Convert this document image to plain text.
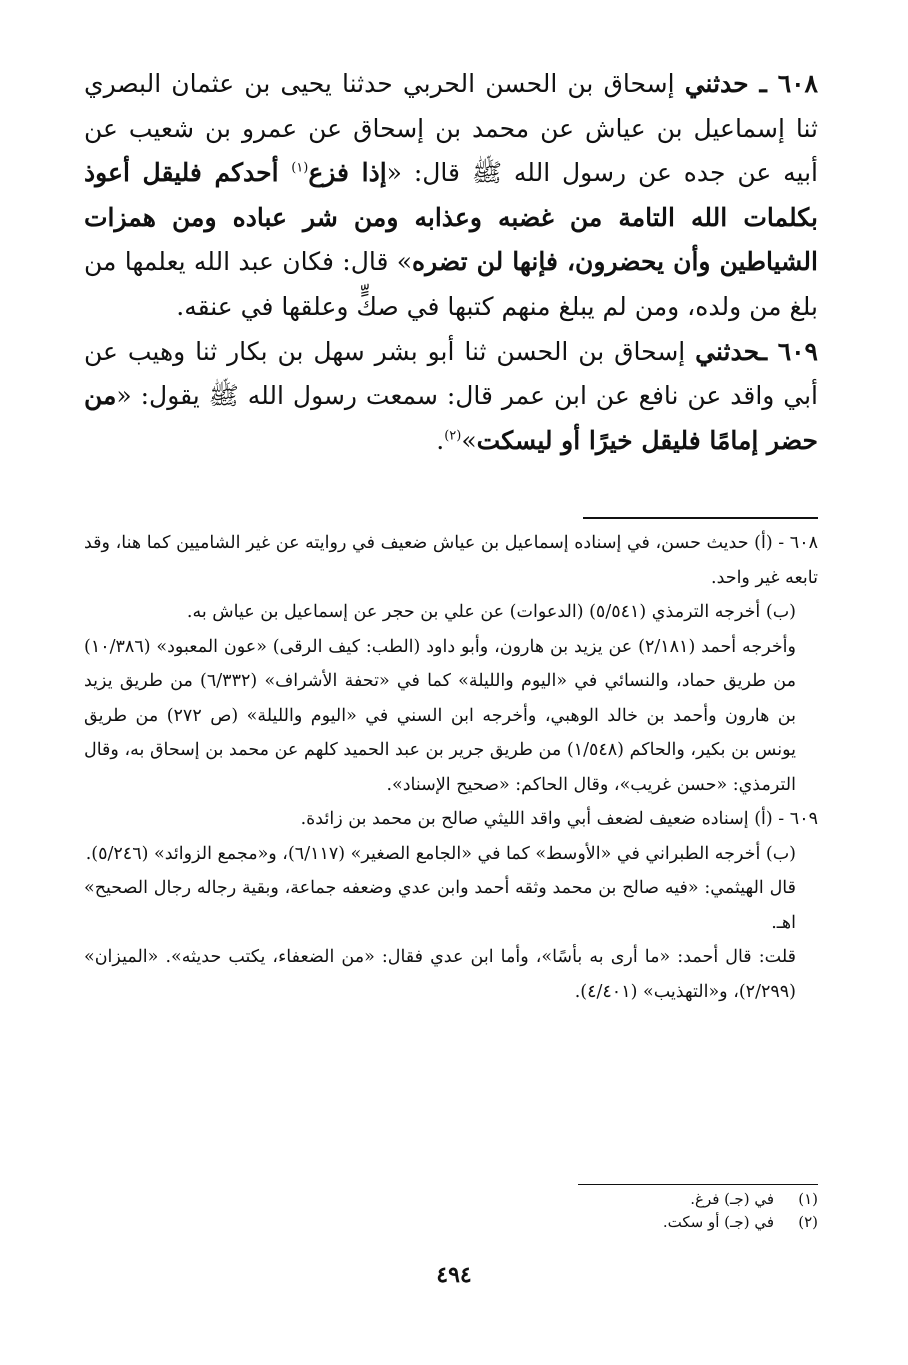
٦٠٨ ـ حدثني إسحاق بن الحسن الحربي حدثنا يحيى بن عثمان البصري ثنا إسماعيل بن عياش عن محمد بن إسحاق عن عمرو بن شعيب عن أبيه عن جده عن رسول الله ﷺ قال: «إذا فزع$^{(١)}$ أحدكم فليقل أعوذ بكلمات الله التامة من غضبه وعذابه ومن شر عباده ومن همزات الشياطين وأن يحضرون، فإنها لن تضره» قال: فكان عبد الله يعلمها من بلغ من ولده، ومن لم يبلغ منهم كتبها في صكٍّ وعلقها في عنقه.

٦٠٩ ـحدثني إسحاق بن الحسن ثنا أبو بشر سهل بن بكار ثنا وهيب عن أبي واقد عن نافع عن ابن عمر قال: سمعت رسول الله ﷺ يقول: «من حضر إمامًا فليقل خيرًا أو ليسكت»$^{(٢)}$.

٦٠٨ - (أ) حديث حسن، في إسناده إسماعيل بن عياش ضعيف في روايته عن غير الشاميين كما هنا، وقد تابعه غير واحد.

(ب) أخرجه الترمذي (٥/٥٤١) (الدعوات) عن علي بن حجر عن إسماعيل بن عياش به.

وأخرجه أحمد (٢/١٨١) عن يزيد بن هارون، وأبو داود (الطب: كيف الرقى) «عون المعبود» (١٠/٣٨٦) من طريق حماد، والنسائي في «اليوم والليلة» كما في «تحفة الأشراف» (٦/٣٣٢) من طريق يزيد بن هارون وأحمد بن خالد الوهبي، وأخرجه ابن السني في «اليوم والليلة» (ص ٢٧٢) من طريق يونس بن بكير، والحاكم (١/٥٤٨) من طريق جرير بن عبد الحميد كلهم عن محمد بن إسحاق به، وقال الترمذي: «حسن غريب»، وقال الحاكم: «صحيح الإسناد».

٦٠٩ - (أ) إسناده ضعيف لضعف أبي واقد الليثي صالح بن محمد بن زائدة.

(ب) أخرجه الطبراني في «الأوسط» كما في «الجامع الصغير» (٦/١١٧)، و«مجمع الزوائد» (٥/٢٤٦).

قال الهيثمي: «فيه صالح بن محمد وثقه أحمد وابن عدي وضعفه جماعة، وبقية رجاله رجال الصحيح» اهـ.

قلت: قال أحمد: «ما أرى به بأسًا»، وأما ابن عدي فقال: «من الضعفاء، يكتب حديثه». «الميزان» (٢/٢٩٩)، و«التهذيب» (٤/٤٠١).

(١)
في (جـ) فرغ.
(٢)
في (جـ) أو سكت.
٤٩٤
